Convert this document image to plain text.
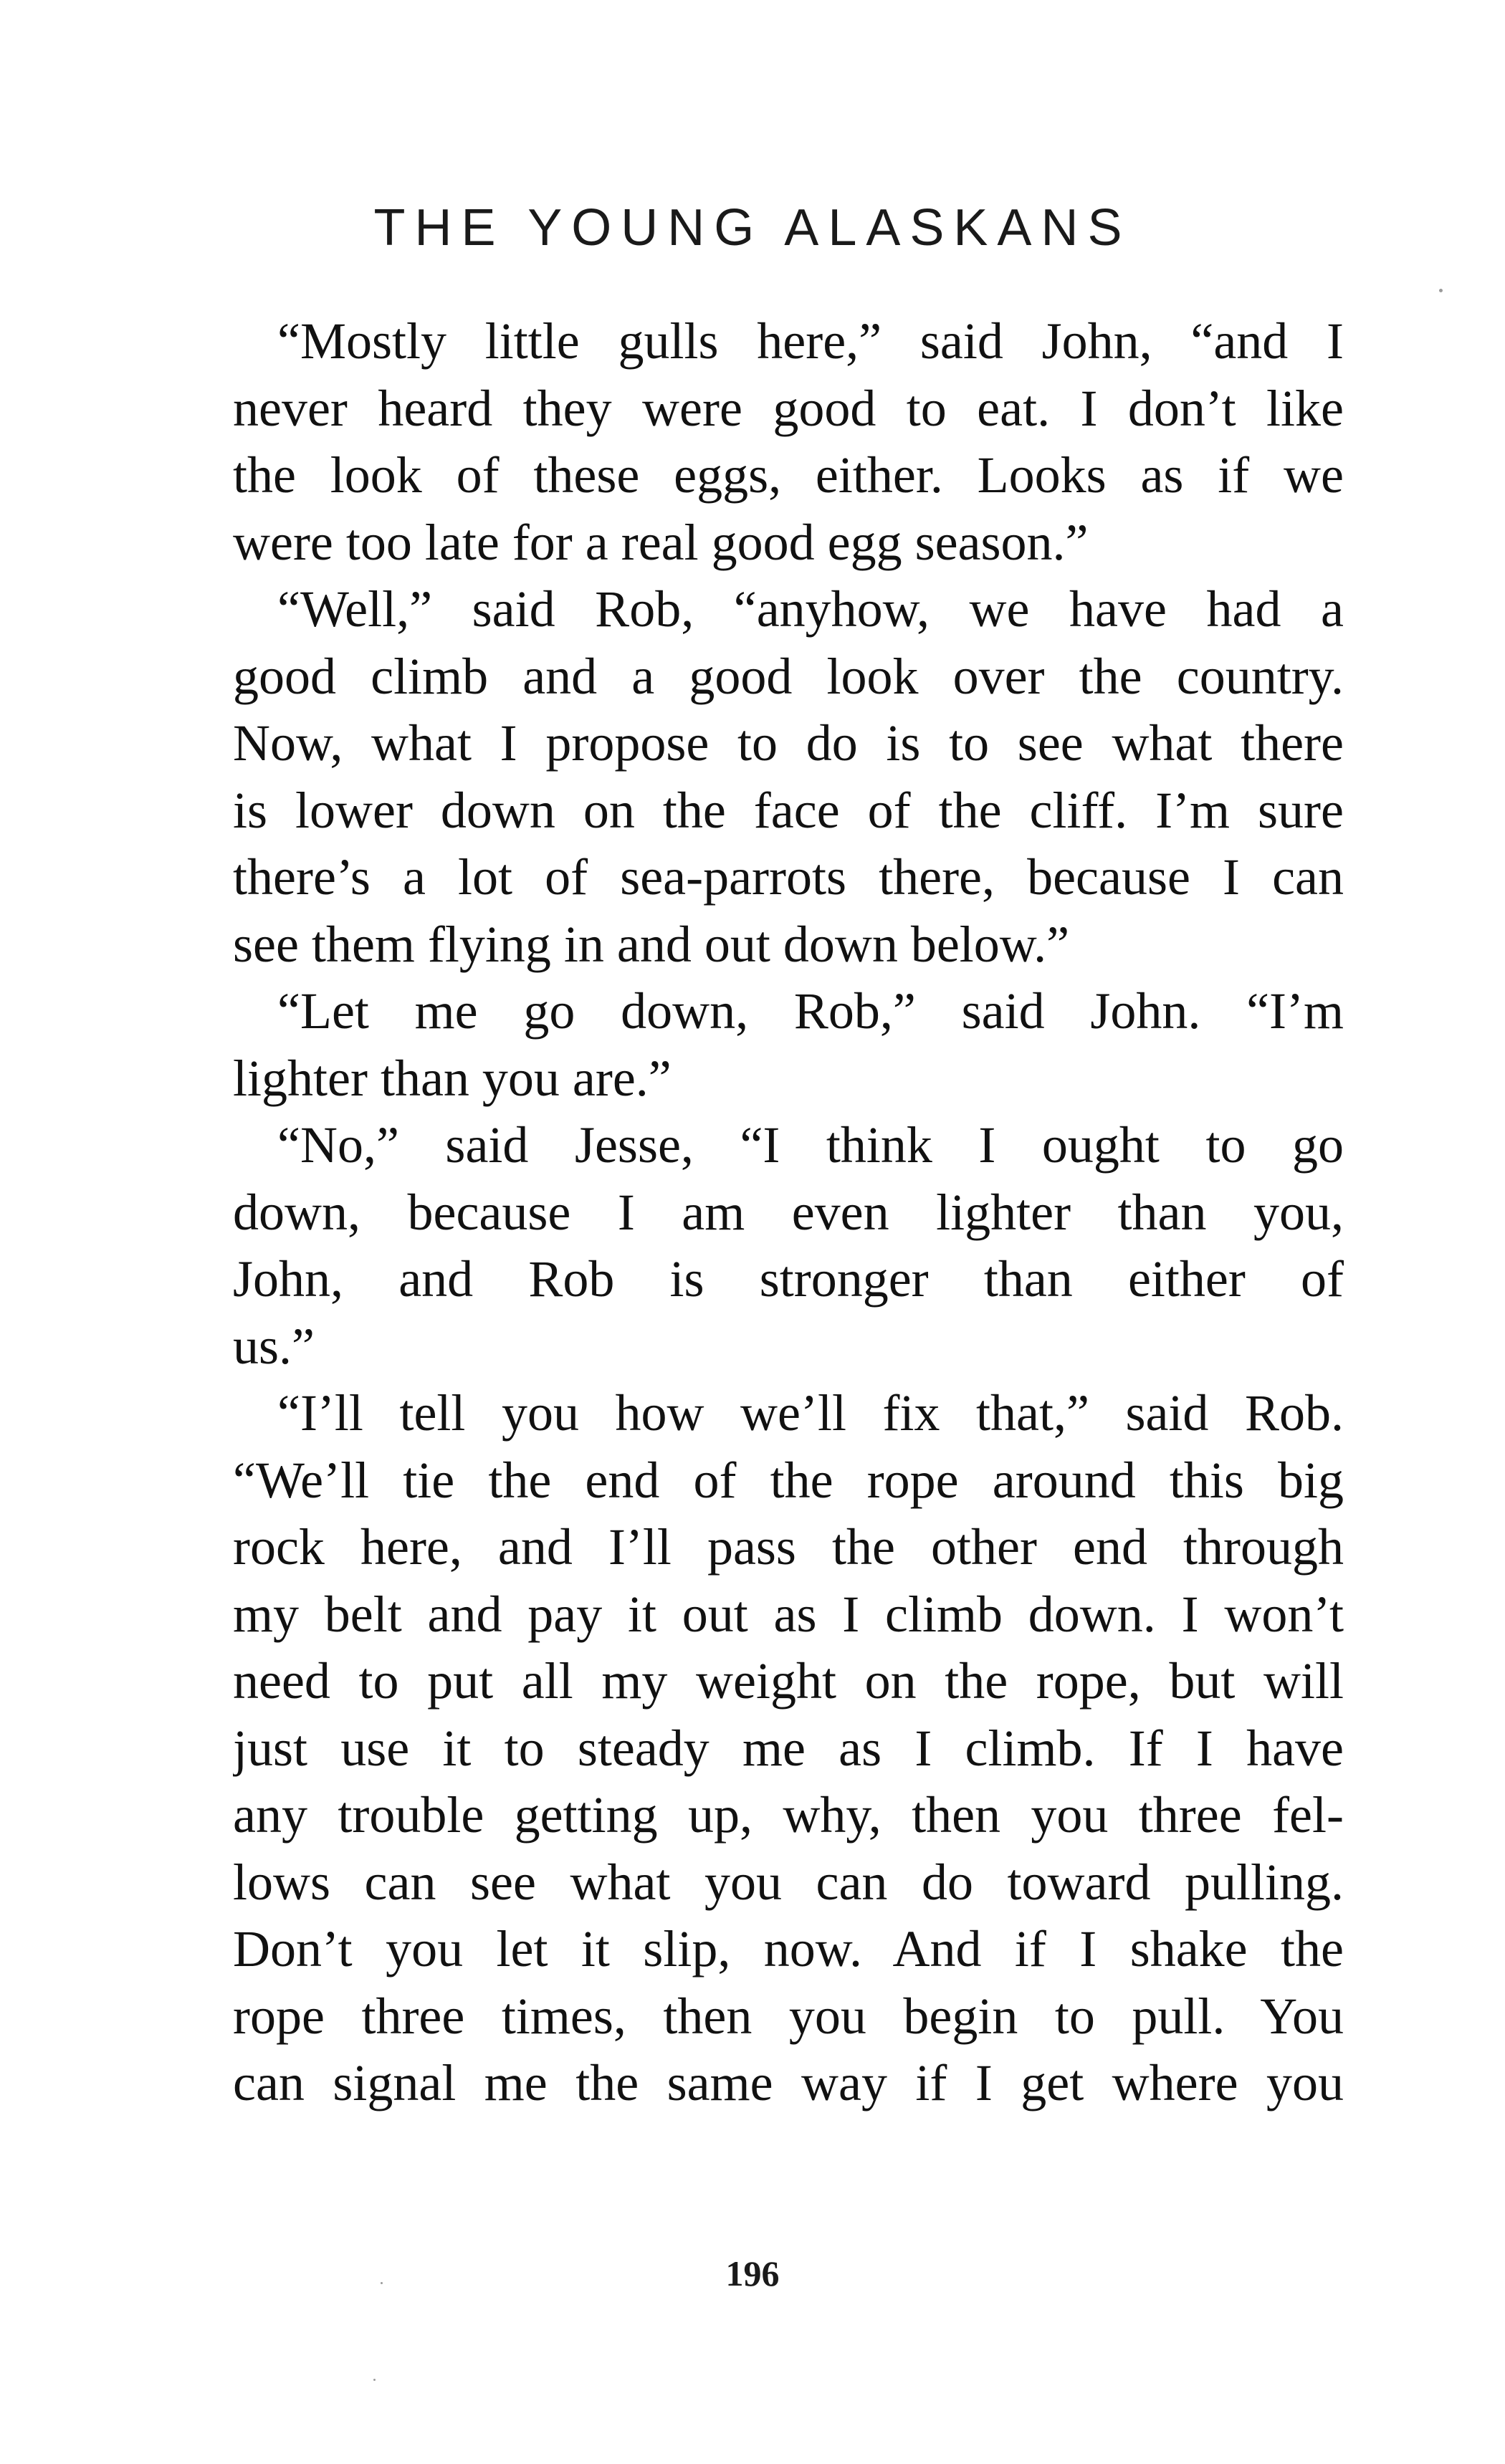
THE YOUNG ALASKANS
“Mostly little gulls here,” said John, “and I
never heard they were good to eat. I don’t like
the look of these eggs, either. Looks as if we
were too late for a real good egg season.”
“Well,” said Rob, “anyhow, we have had a
good climb and a good look over the country.
Now, what I propose to do is to see what there
is lower down on the face of the cliff. I’m sure
there’s a lot of sea-parrots there, because I can
see them flying in and out down below.”
“Let me go down, Rob,” said John. “I’m
lighter than you are.”
“No,” said Jesse, “I think I ought to go
down, because I am even lighter than you,
John, and Rob is stronger than either of
us.”
“I’ll tell you how we’ll fix that,” said Rob.
“We’ll tie the end of the rope around this big
rock here, and I’ll pass the other end through
my belt and pay it out as I climb down. I won’t
need to put all my weight on the rope, but will
just use it to steady me as I climb. If I have
any trouble getting up, why, then you three fel-
lows can see what you can do toward pulling.
Don’t you let it slip, now. And if I shake the
rope three times, then you begin to pull. You
can signal me the same way if I get where you
196
